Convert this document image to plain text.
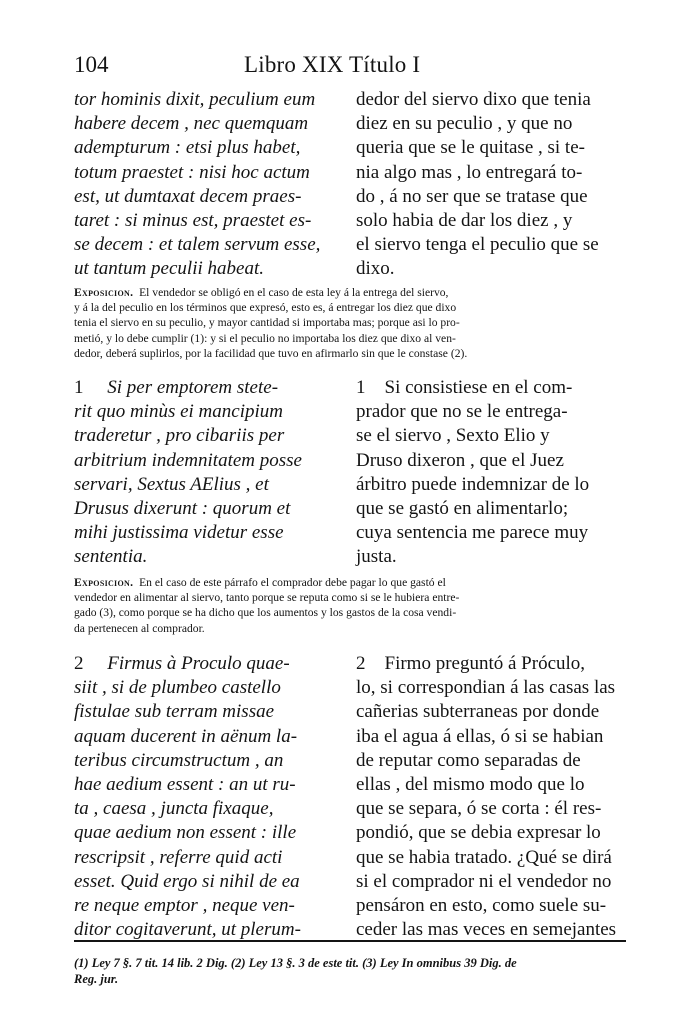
104	Libro XIX Título I
tor hominis dixit, peculium eum
habere decem , nec quemquam
adempturum : etsi plus habet,
totum praestet : nisi hoc actum
est, ut dumtaxat decem praes-
taret : si minus est, praestet es-
se decem : et talem servum esse,
ut tantum peculii habeat.
dedor del siervo dixo que tenia
diez en su peculio , y que no
queria que se le quitase , si te-
nia algo mas , lo entregará to-
do , á no ser que se tratase que
solo habia de dar los diez , y
el siervo tenga el peculio que se
dixo.
Exposicion. El vendedor se obligó en el caso de esta ley á la entrega del siervo,
y á la del peculio en los términos que expresó, esto es, á entregar los diez que dixo
tenia el siervo en su peculio, y mayor cantidad si importaba mas; porque asi lo pro-
metió, y lo debe cumplir (1): y si el peculio no importaba los diez que dixo al ven-
dedor, deberá suplirlos, por la facilidad que tuvo en afirmarlo sin que le constase (2).
1 Si per emptorem stete-
rit quo minùs ei mancipium
traderetur , pro cibariis per
arbitrium indemnitatem posse
servari, Sextus AElius , et
Drusus dixerunt : quorum et
mihi justissima videtur esse
sententia.
1 Si consistiese en el com-
prador que no se le entrega-
se el siervo , Sexto Elio y
Druso dixeron , que el Juez
árbitro puede indemnizar de lo
que se gastó en alimentarlo;
cuya sentencia me parece muy
justa.
Exposicion. En el caso de este párrafo el comprador debe pagar lo que gastó el
vendedor en alimentar al siervo, tanto porque se reputa como si se le hubiera entre-
gado (3), como porque se ha dicho que los aumentos y los gastos de la cosa vendi-
da pertenecen al comprador.
2 Firmus à Proculo quae-
siit , si de plumbeo castello
fistulae sub terram missae
aquam ducerent in aënum la-
teribus circumstructum , an
hae aedium essent : an ut ru-
ta , caesa , juncta fixaque,
quae aedium non essent : ille
rescripsit , referre quid acti
esset. Quid ergo si nihil de ea
re neque emptor , neque ven-
ditor cogitaverunt, ut plerum-
2 Firmo preguntó á Próculo,
lo, si correspondian á las casas las
cañerias subterraneas por donde
iba el agua á ellas, ó si se habian
de reputar como separadas de
ellas , del mismo modo que lo
que se separa, ó se corta : él res-
pondió, que se debia expresar lo
que se habia tratado. ¿Qué se dirá
si el comprador ni el vendedor no
pensáron en esto, como suele su-
ceder las mas veces en semejantes
(1) Ley 7 §. 7 tit. 14 lib. 2 Dig. (2) Ley 13 §. 3 de este tit. (3) Ley In omnibus 39 Dig. de
Reg. jur.
